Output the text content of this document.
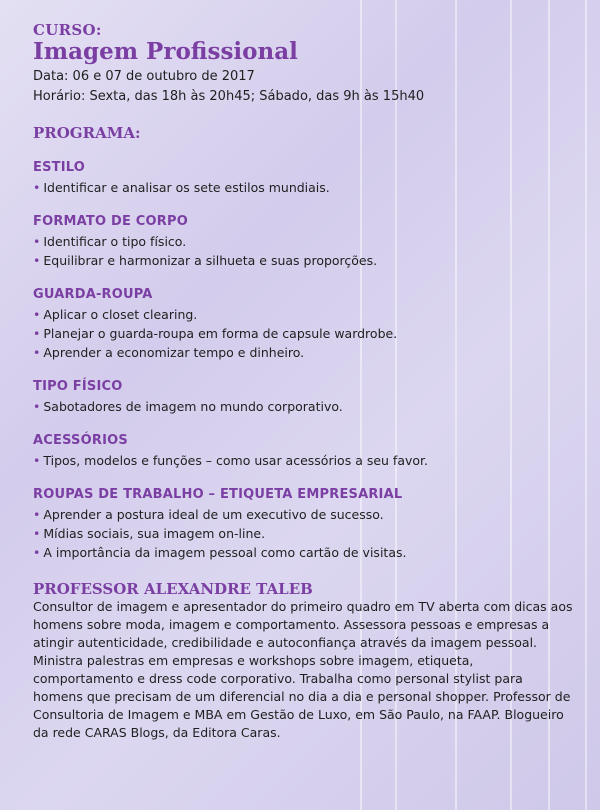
CURSO:
Imagem Profissional
Data: 06 e 07 de outubro de 2017
Horário: Sexta, das 18h às 20h45; Sábado, das 9h às 15h40
PROGRAMA:
ESTILO
• Identificar e analisar os sete estilos mundiais.
FORMATO DE CORPO
• Identificar o tipo físico.
• Equilibrar e harmonizar a silhueta e suas proporções.
GUARDA-ROUPA
• Aplicar o closet clearing.
• Planejar o guarda-roupa em forma de capsule wardrobe.
• Aprender a economizar tempo e dinheiro.
TIPO FÍSICO
• Sabotadores de imagem no mundo corporativo.
ACESSÓRIOS
• Tipos, modelos e funções – como usar acessórios a seu favor.
ROUPAS DE TRABALHO – ETIQUETA EMPRESARIAL
• Aprender a postura ideal de um executivo de sucesso.
• Mídias sociais, sua imagem on-line.
• A importância da imagem pessoal como cartão de visitas.
PROFESSOR ALEXANDRE TALEB
Consultor de imagem e apresentador do primeiro quadro em TV aberta com dicas aos homens sobre moda, imagem e comportamento. Assessora pessoas e empresas a atingir autenticidade, credibilidade e autoconfiança através da imagem pessoal. Ministra palestras em empresas e workshops sobre imagem, etiqueta, comportamento e dress code corporativo. Trabalha como personal stylist para homens que precisam de um diferencial no dia a dia e personal shopper. Professor de Consultoria de Imagem e MBA em Gestão de Luxo, em São Paulo, na FAAP. Blogueiro da rede CARAS Blogs, da Editora Caras.
